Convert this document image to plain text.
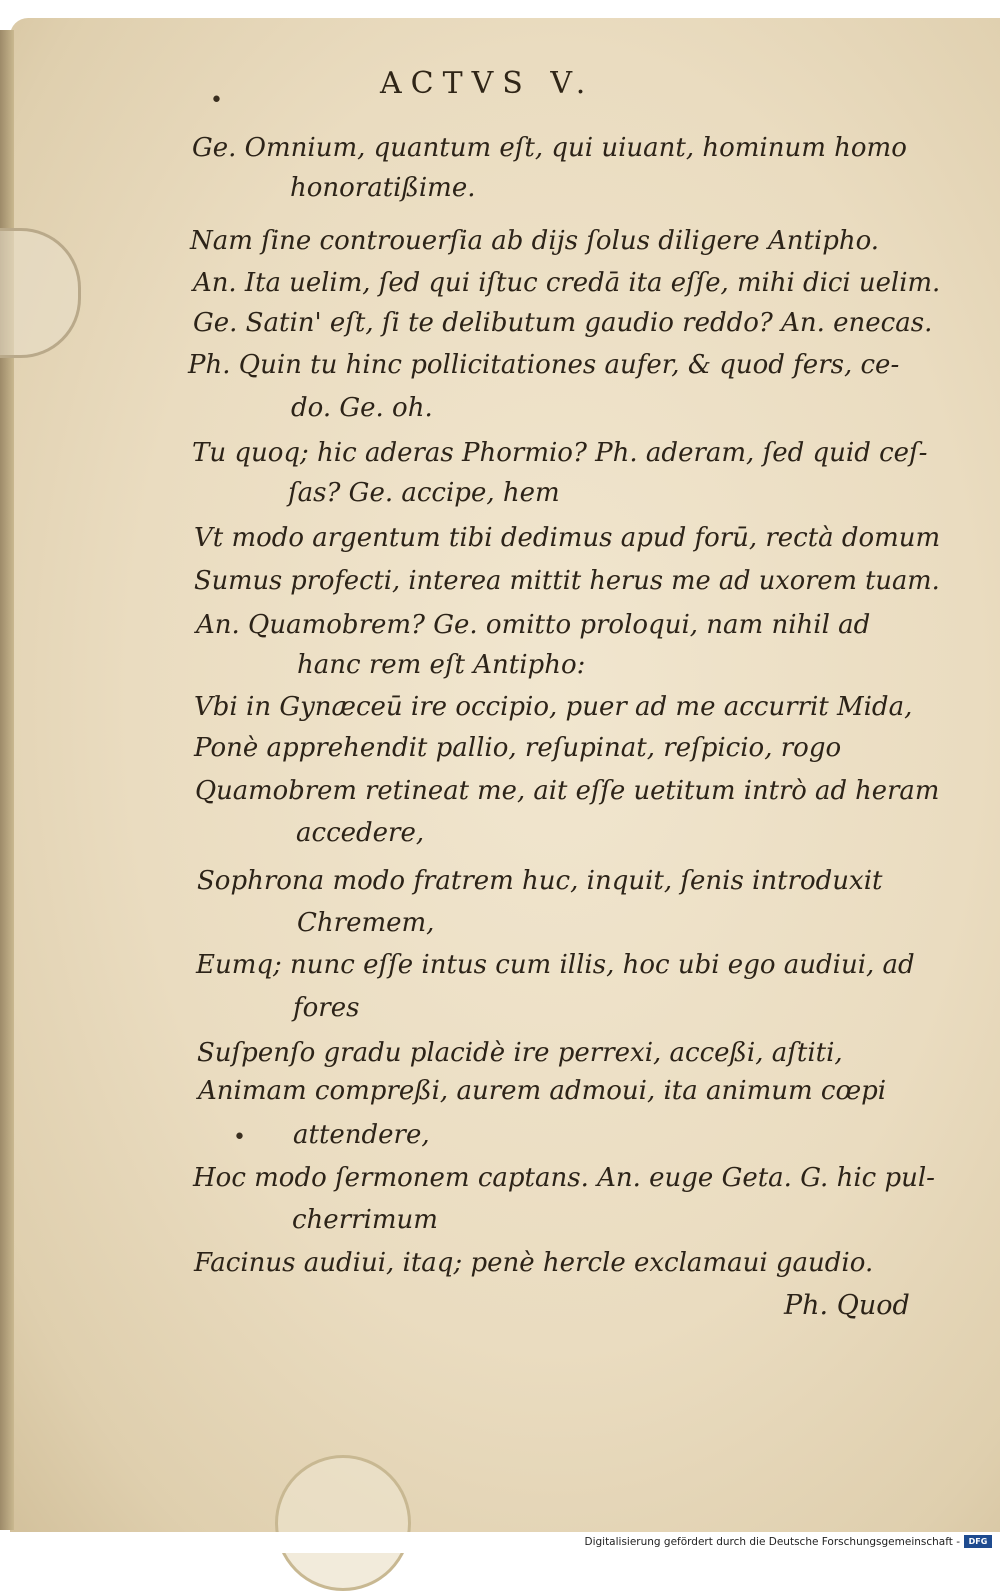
ACTVS V.
•
•
Ge. Omnium, quantum eſt, qui uiuant, hominum homo
honoratißime.
Nam ſine controuerſia ab dijs ſolus diligere Antipho.
An. Ita uelim, ſed qui iſtuc credā ita eſſe, mihi dici uelim.
Ge. Satin' eſt, ſi te delibutum gaudio reddo? An. enecas.
Ph. Quin tu hinc pollicitationes aufer, & quod fers, ce-
do. Ge. oh.
Tu quoq; hic aderas Phormio? Ph. aderam, ſed quid ceſ-
ſas? Ge. accipe, hem
Vt modo argentum tibi dedimus apud forū, rectà domum
Sumus profecti, interea mittit herus me ad uxorem tuam.
An. Quamobrem? Ge. omitto proloqui, nam nihil ad
hanc rem eſt Antipho:
Vbi in Gynæceū ire occipio, puer ad me accurrit Mida,
Ponè apprehendit pallio, reſupinat, reſpicio, rogo
Quamobrem retineat me, ait eſſe uetitum intrò ad heram
accedere,
Sophrona modo fratrem huc, inquit, ſenis introduxit
Chremem,
Eumq; nunc eſſe intus cum illis, hoc ubi ego audiui, ad
fores
Suſpenſo gradu placidè ire perrexi, acceßi, aſtiti,
Animam compreßi, aurem admoui, ita animum cœpi
attendere,
Hoc modo ſermonem captans. An. euge Geta. G. hic pul-
cherrimum
Facinus audiui, itaq; penè hercle exclamaui gaudio.
Ph. Quod
Digitalisierung gefördert durch die Deutsche Forschungsgemeinschaft -	DFG
